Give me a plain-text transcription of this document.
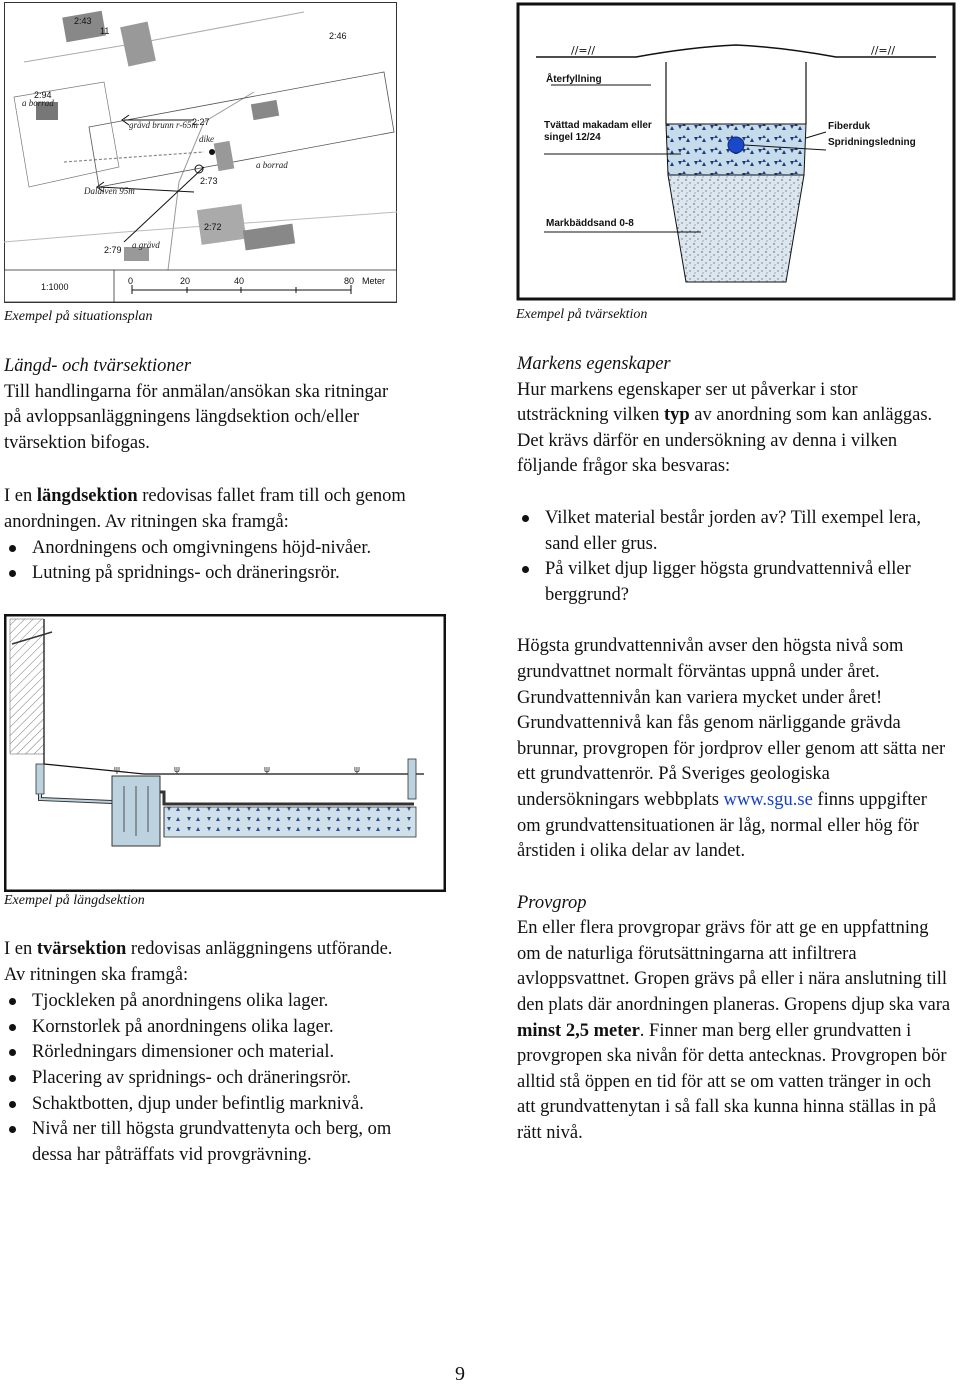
2:43
11	2:46
2:94
2:27
2:73
2:72
2:79
a borrad
grävd brunn r-65m
dike
a borrad
Dalälven 95m
a grävd
1:1000
0	20	40	80 Meter
Exempel på situationsplan
//=//	//=//
Återfyllning
Tvättad makadam eller singel 12/24
Fiberduk
Spridningsledning
Markbäddsand 0-8
Exempel på tvärsektion
Längd- och tvärsektioner
Till handlingarna för anmälan/ansökan ska ritningar på avloppsanläggningens längdsektion och/eller tvärsektion bifogas.
I en längdsektion redovisas fallet fram till och genom anordningen. Av ritningen ska framgå:
Anordningens och omgivningens höjd-nivåer.
Lutning på spridnings- och dräneringsrör.
ψ	ψ	ψ	ψ
Exempel på längdsektion
I en tvärsektion redovisas anläggningens utförande. Av ritningen ska framgå:
Tjockleken på anordningens olika lager.
Kornstorlek på anordningens olika lager.
Rörledningars dimensioner och material.
Placering av spridnings- och dräneringsrör.
Schaktbotten, djup under befintlig marknivå.
Nivå ner till högsta grundvattenyta och berg, om dessa har påträffats vid provgrävning.
Markens egenskaper
Hur markens egenskaper ser ut påverkar i stor utsträckning vilken typ av anordning som kan anläggas. Det krävs därför en undersökning av denna i vilken följande frågor ska besvaras:
Vilket material består jorden av? Till exempel lera, sand eller grus.
På vilket djup ligger högsta grundvattennivå eller berggrund?
Högsta grundvattennivån avser den högsta nivå som grundvattnet normalt förväntas uppnå under året. Grundvattennivån kan variera mycket under året! Grundvattennivå kan fås genom närliggande grävda brunnar, provgropen för jordprov eller genom att sätta ner ett grundvattenrör. På Sveriges geologiska undersökningars webbplats www.sgu.se finns uppgifter om grundvattensituationen är låg, normal eller hög för årstiden i olika delar av landet.
Provgrop
En eller flera provgropar grävs för att ge en uppfattning om de naturliga förutsättningarna att infiltrera avloppsvattnet. Gropen grävs på eller i nära anslutning till den plats där anordningen planeras. Gropens djup ska vara minst 2,5 meter. Finner man berg eller grundvatten i provgropen ska nivån för detta antecknas. Provgropen bör alltid stå öppen en tid för att se om vatten tränger in och att grundvattenytan i så fall ska kunna hinna ställas in på rätt nivå.
9
